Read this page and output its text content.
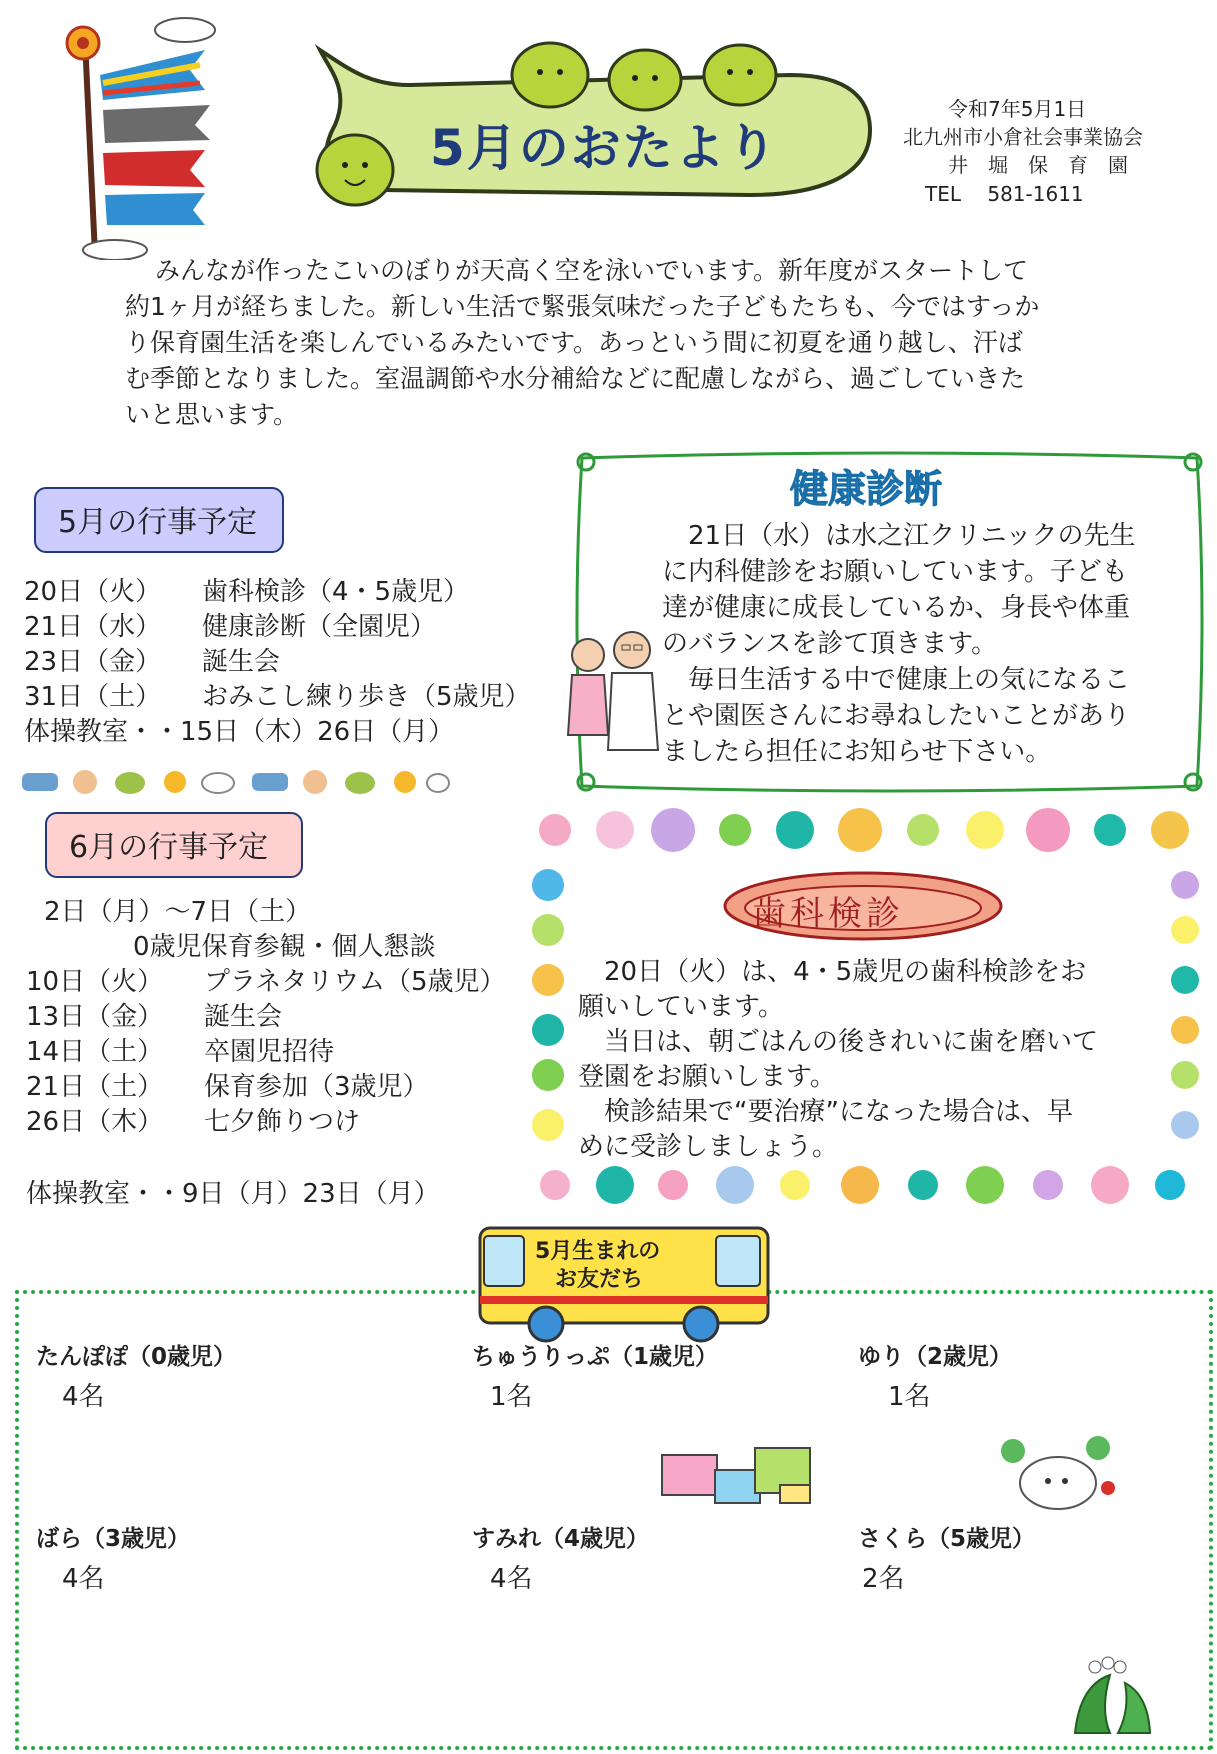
5月のおたより
令和7年5月1日
北九州市小倉社会事業協会
井　堀　保　育　園
TEL　 581-1611

みんなが作ったこいのぼりが天高く空を泳いでいます。新年度がスタートして

約1ヶ月が経ちました。新しい生活で緊張気味だった子どもたちも、今ではすっか

り保育園生活を楽しんでいるみたいです。あっという間に初夏を通り越し、汗ば

む季節となりました。室温調節や水分補給などに配慮しながら、過ごしていきた

いと思います。

5月の行事予定
20日（火）	歯科検診（4・5歳児）
21日（水）	健康診断（全園児）
23日（金）	誕生会
31日（土）	おみこし練り歩き（5歳児）
体操教室・・15日（木）26日（月）
6月の行事予定
2日（月）～7日（土）
0歳児保育参観・個人懇談
10日（火）	プラネタリウム（5歳児）
13日（金）	誕生会
14日（土）	卒園児招待
21日（土）	保育参加（3歳児）
26日（木）	七夕飾りつけ
体操教室・・9日（月）23日（月）
健康診断

　21日（水）は水之江クリニックの先生

に内科健診をお願いしています。子ども

達が健康に成長しているか、身長や体重

のバランスを診て頂きます。

　毎日生活する中で健康上の気になるこ

とや園医さんにお尋ねしたいことがあり

ましたら担任にお知らせ下さい。

歯科検診

　20日（火）は、4・5歳児の歯科検診をお

願いしています。

　当日は、朝ごはんの後きれいに歯を磨いて

登園をお願いします。

　検診結果で“要治療”になった場合は、早

めに受診しましょう。

5月生まれの
お友だち
たんぽぽ（0歳児）
4名
ちゅうりっぷ（1歳児）
1名
ゆり（2歳児）
1名
ばら（3歳児）
4名
すみれ（4歳児）
4名
さくら（5歳児）
2名
